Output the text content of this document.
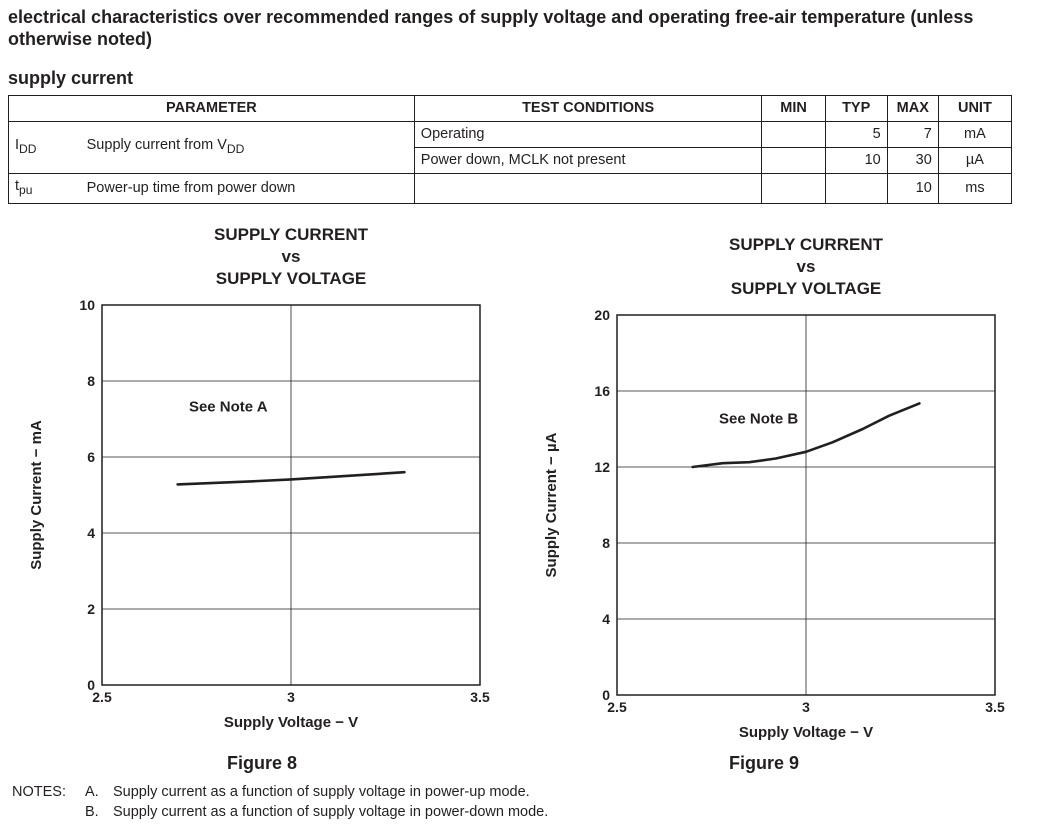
electrical characteristics over recommended ranges of supply voltage and operating free-air temperature (unless otherwise noted)
supply current
PARAMETER		TEST CONDITIONS	MIN	TYP	MAX	UNIT
$I_{DD}$	Supply current from $V_{DD}$	Operating		5	7	mA
		Power down, MCLK not present		10	30	µA
$t_{pu}$	Power-up time from power down				10	ms
SUPPLY CURRENT
vs
SUPPLY VOLTAGE
0
2
4
6
8
10
2.5	3	3.5
Supply Voltage − V
Supply Current − mA
See Note A
SUPPLY CURRENT
vs
SUPPLY VOLTAGE
0
4
8
12
16
20
2.5	3	3.5
Supply Voltage − V
Supply Current − µA
See Note B
Figure 8	Figure 9
NOTES: A. Supply current as a function of supply voltage in power-up mode.
B. Supply current as a function of supply voltage in power-down mode.
